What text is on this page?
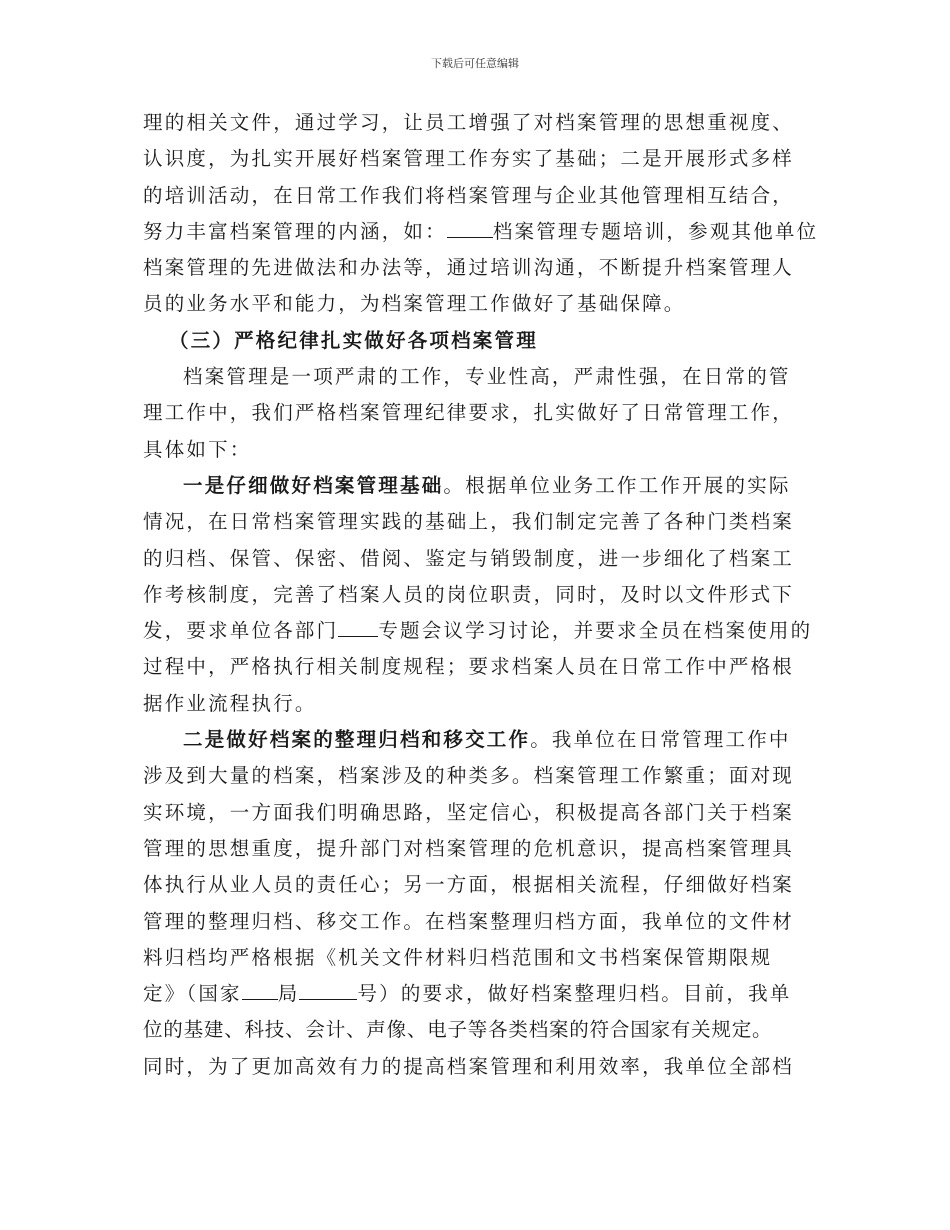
下载后可任意编辑
理的相关文件，通过学习，让员工增强了对档案管理的思想重视度、
认识度，为扎实开展好档案管理工作夯实了基础；二是开展形式多样
的培训活动，在日常工作我们将档案管理与企业其他管理相互结合，
努力丰富档案管理的内涵，如： 档案管理专题培训，参观其他单位
档案管理的先进做法和办法等，通过培训沟通，不断提升档案管理人
员的业务水平和能力，为档案管理工作做好了基础保障。
（三）严格纪律扎实做好各项档案管理
档案管理是一项严肃的工作，专业性高，严肃性强，在日常的管
理工作中，我们严格档案管理纪律要求，扎实做好了日常管理工作，
具体如下：
一是仔细做好档案管理基础。根据单位业务工作工作开展的实际
情况，在日常档案管理实践的基础上，我们制定完善了各种门类档案
的归档、保管、保密、借阅、鉴定与销毁制度，进一步细化了档案工
作考核制度，完善了档案人员的岗位职责，同时，及时以文件形式下
发，要求单位各部门 专题会议学习讨论，并要求全员在档案使用的
过程中，严格执行相关制度规程；要求档案人员在日常工作中严格根
据作业流程执行。
二是做好档案的整理归档和移交工作。我单位在日常管理工作中
涉及到大量的档案，档案涉及的种类多。档案管理工作繁重；面对现
实环境，一方面我们明确思路，坚定信心，积极提高各部门关于档案
管理的思想重度，提升部门对档案管理的危机意识，提高档案管理具
体执行从业人员的责任心；另一方面，根据相关流程，仔细做好档案
管理的整理归档、移交工作。在档案整理归档方面，我单位的文件材
料归档均严格根据《机关文件材料归档范围和文书档案保管期限规
定》（国家 局	号）的要求，做好档案整理归档。目前，我单
位的基建、科技、会计、声像、电子等各类档案的符合国家有关规定。
同时，为了更加高效有力的提高档案管理和利用效率，我单位全部档
